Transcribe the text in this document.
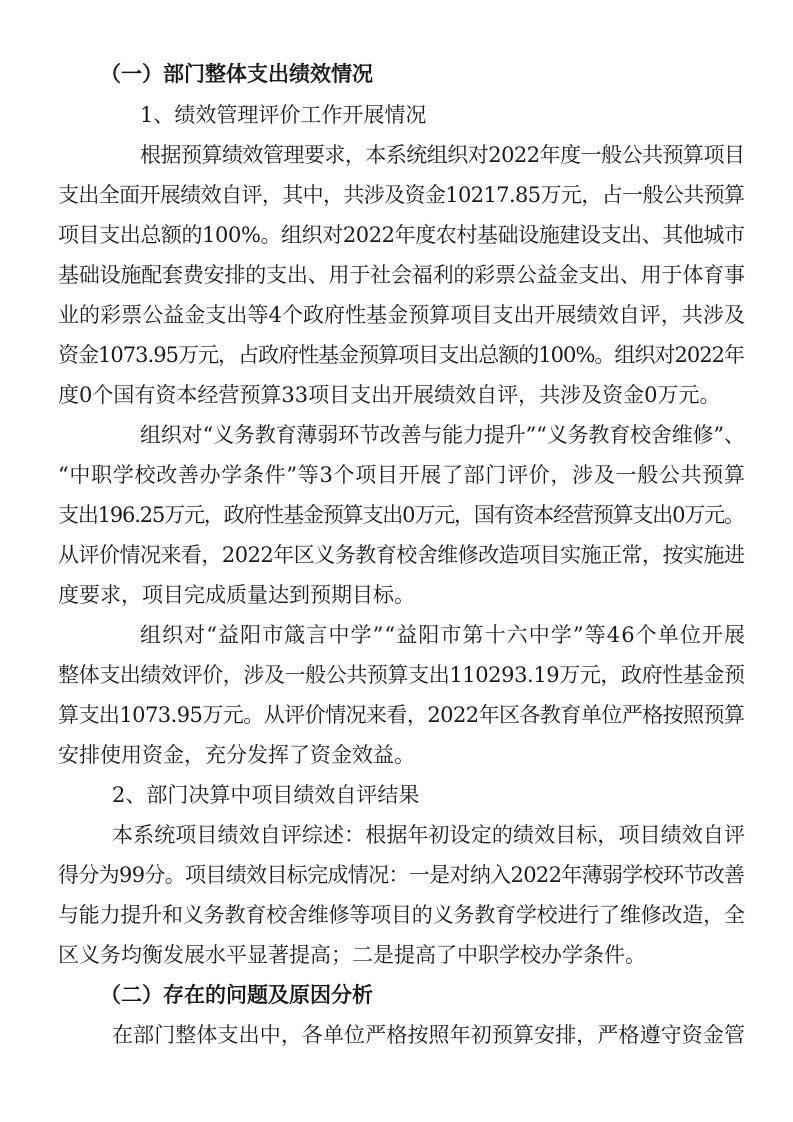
（一）部门整体支出绩效情况
1、绩效管理评价工作开展情况
根据预算绩效管理要求，本系统组织对2022年度一般公共预算项目
支出全面开展绩效自评，其中，共涉及资金10217.85万元，占一般公共预算
项目支出总额的100%。组织对2022年度农村基础设施建设支出、其他城市
基础设施配套费安排的支出、用于社会福利的彩票公益金支出、用于体育事
业的彩票公益金支出等4个政府性基金预算项目支出开展绩效自评，共涉及
资金1073.95万元，占政府性基金预算项目支出总额的100%。组织对2022年
度0个国有资本经营预算33项目支出开展绩效自评，共涉及资金0万元。
组织对“义务教育薄弱环节改善与能力提升”“义务教育校舍维修”、
“中职学校改善办学条件”等3个项目开展了部门评价，涉及一般公共预算
支出196.25万元，政府性基金预算支出0万元，国有资本经营预算支出0万元。
从评价情况来看，2022年区义务教育校舍维修改造项目实施正常，按实施进
度要求，项目完成质量达到预期目标。
组织对“益阳市箴言中学”“益阳市第十六中学”等46个单位开展
整体支出绩效评价，涉及一般公共预算支出110293.19万元，政府性基金预
算支出1073.95万元。从评价情况来看，2022年区各教育单位严格按照预算
安排使用资金，充分发挥了资金效益。
2、部门决算中项目绩效自评结果
本系统项目绩效自评综述：根据年初设定的绩效目标，项目绩效自评
得分为99分。项目绩效目标完成情况：一是对纳入2022年薄弱学校环节改善
与能力提升和义务教育校舍维修等项目的义务教育学校进行了维修改造，全
区义务均衡发展水平显著提高；二是提高了中职学校办学条件。
（二）存在的问题及原因分析
在部门整体支出中，各单位严格按照年初预算安排，严格遵守资金管
